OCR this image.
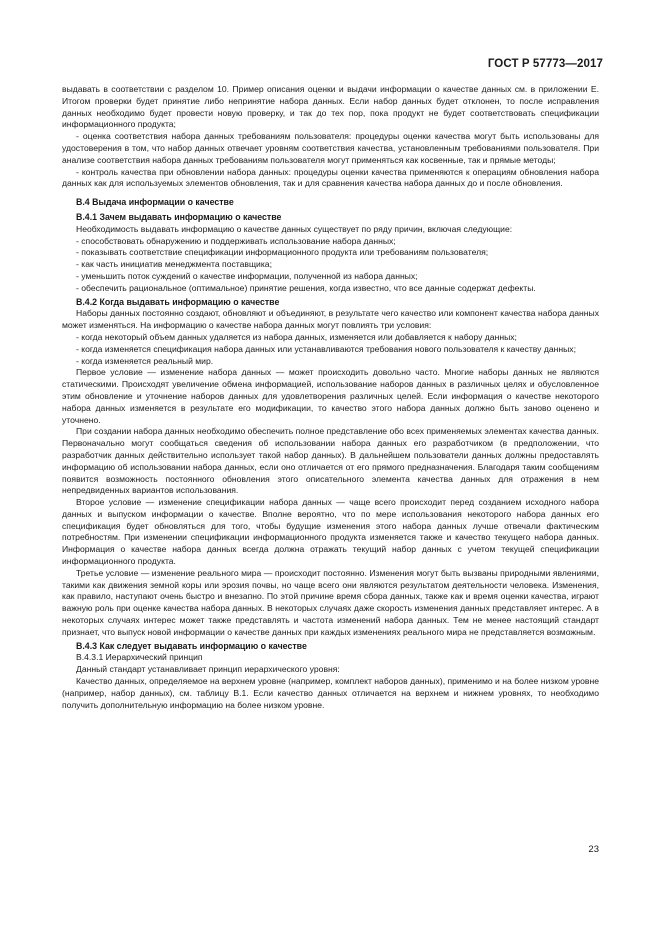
ГОСТ Р 57773—2017

выдавать в соответствии с разделом 10. Пример описания оценки и выдачи информации о качестве данных см. в приложении Е. Итогом проверки будет принятие либо непринятие набора данных. Если набор данных будет отклонен, то после исправления данных необходимо будет провести новую проверку, и так до тех пор, пока продукт не будет соответствовать спецификации информационного продукта;

- оценка соответствия набора данных требованиям пользователя: процедуры оценки качества могут быть использованы для удостоверения в том, что набор данных отвечает уровням соответствия качества, установленным требованиями пользователя. При анализе соответствия набора данных требованиям пользователя могут применяться как косвенные, так и прямые методы;

- контроль качества при обновлении набора данных: процедуры оценки качества применяются к операциям обновления набора данных как для используемых элементов обновления, так и для сравнения качества набора данных до и после обновления.

В.4 Выдача информации о качестве
В.4.1 Зачем выдавать информацию о качестве

Необходимость выдавать информацию о качестве данных существует по ряду причин, включая следующие:

- способствовать обнаружению и поддерживать использование набора данных;

- показывать соответствие спецификации информационного продукта или требованиям пользователя;

- как часть инициатив менеджмента поставщика;

- уменьшить поток суждений о качестве информации, полученной из набора данных;

- обеспечить рациональное (оптимальное) принятие решения, когда известно, что все данные содержат дефекты.

В.4.2 Когда выдавать информацию о качестве

Наборы данных постоянно создают, обновляют и объединяют, в результате чего качество или компонент качества набора данных может изменяться. На информацию о качестве набора данных могут повлиять три условия:

- когда некоторый объем данных удаляется из набора данных, изменяется или добавляется к набору данных;

- когда изменяется спецификация набора данных или устанавливаются требования нового пользователя к качеству данных;

- когда изменяется реальный мир.

Первое условие — изменение набора данных — может происходить довольно часто. Многие наборы данных не являются статическими. Происходят увеличение обмена информацией, использование наборов данных в различных целях и обусловленное этим обновление и уточнение наборов данных для удовлетворения различных целей. Если информация о качестве некоторого набора данных изменяется в результате его модификации, то качество этого набора данных должно быть заново оценено и уточнено.

При создании набора данных необходимо обеспечить полное представление обо всех применяемых элементах качества данных. Первоначально могут сообщаться сведения об использовании набора данных его разработчиком (в предположении, что разработчик данных действительно использует такой набор данных). В дальнейшем пользователи данных должны предоставлять информацию об использовании набора данных, если оно отличается от его прямого предназначения. Благодаря таким сообщениям появится возможность постоянного обновления этого описательного элемента качества данных для отражения в нем непредвиденных вариантов использования.

Второе условие — изменение спецификации набора данных — чаще всего происходит перед созданием исходного набора данных и выпуском информации о качестве. Вполне вероятно, что по мере использования некоторого набора данных его спецификация будет обновляться для того, чтобы будущие изменения этого набора данных лучше отвечали фактическим потребностям. При изменении спецификации информационного продукта изменяется также и качество текущего набора данных. Информация о качестве набора данных всегда должна отражать текущий набор данных с учетом текущей спецификации информационного продукта.

Третье условие — изменение реального мира — происходит постоянно. Изменения могут быть вызваны природными явлениями, такими как движения земной коры или эрозия почвы, но чаще всего они являются результатом деятельности человека. Изменения, как правило, наступают очень быстро и внезапно. По этой причине время сбора данных, также как и время оценки качества, играют важную роль при оценке качества набора данных. В некоторых случаях даже скорость изменения данных представляет интерес. А в некоторых случаях интерес может также представлять и частота изменений набора данных. Тем не менее настоящий стандарт признает, что выпуск новой информации о качестве данных при каждых изменениях реального мира не представляется возможным.

В.4.3 Как следует выдавать информацию о качестве

В.4.3.1 Иерархический принцип

Данный стандарт устанавливает принцип иерархического уровня:

Качество данных, определяемое на верхнем уровне (например, комплект наборов данных), применимо и на более низком уровне (например, набор данных), см. таблицу В.1. Если качество данных отличается на верхнем и нижнем уровнях, то необходимо получить дополнительную информацию на более низком уровне.

23
